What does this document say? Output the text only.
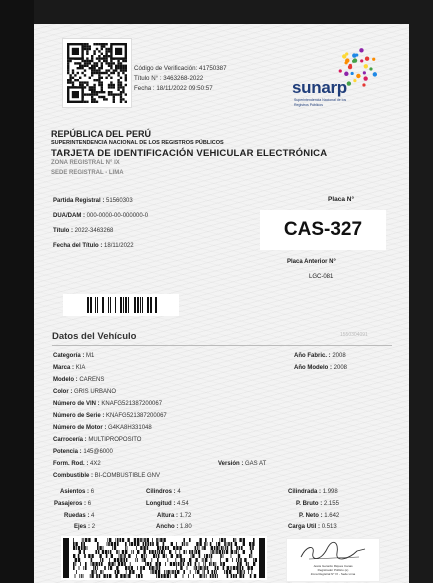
Código de Verificación: 41750387
Título N° : 3463268-2022
Fecha : 18/11/2022 09:50:57	sunarp
Superintendencia Nacional de los Registros Públicos
REPÚBLICA DEL PERÚ
SUPERINTENDENCIA NACIONAL DE LOS REGISTROS PÚBLICOS
TARJETA DE IDENTIFICACIÓN VEHICULAR ELECTRÓNICA
ZONA REGISTRAL N° IX
SEDE REGISTRAL - LIMA
Partida Registral : 51560303
DUA/DAM : 000-0000-00-000000-0
Título : 2022-3463268
Fecha del Título : 18/11/2022
Placa N°
CAS-327
Placa Anterior N°
LGC-081
Datos del Vehículo	1550304091
Categoría : M1
Marca : KIA
Modelo : CARENS
Color : GRIS URBANO
Número de VIN : KNAFG521387200067
Número de Serie : KNAFG521387200067
Número de Motor : G4KA8H331048
Carrocería : MULTIPROPOSITO
Potencia : 145@6000
Form. Rod. : 4X2
Combustible : BI-COMBUSTIBLE GNV
Año Fabric. : 2008
Año Modelo : 2008
Versión : GAS AT
Asientos : 6
Pasajeros : 6
Ruedas : 4
Ejes : 2
Cilindros : 4
Longitud : 4.54
Altura : 1.72
Ancho : 1.80
Cilindrada : 1.998
P. Bruto : 2.155
P. Neto : 1.642
Carga Util : 0.513
Jesús Gerardo Riques Canas
Registrador Público (e)
Zona Registral N° IX - Sede Lima
